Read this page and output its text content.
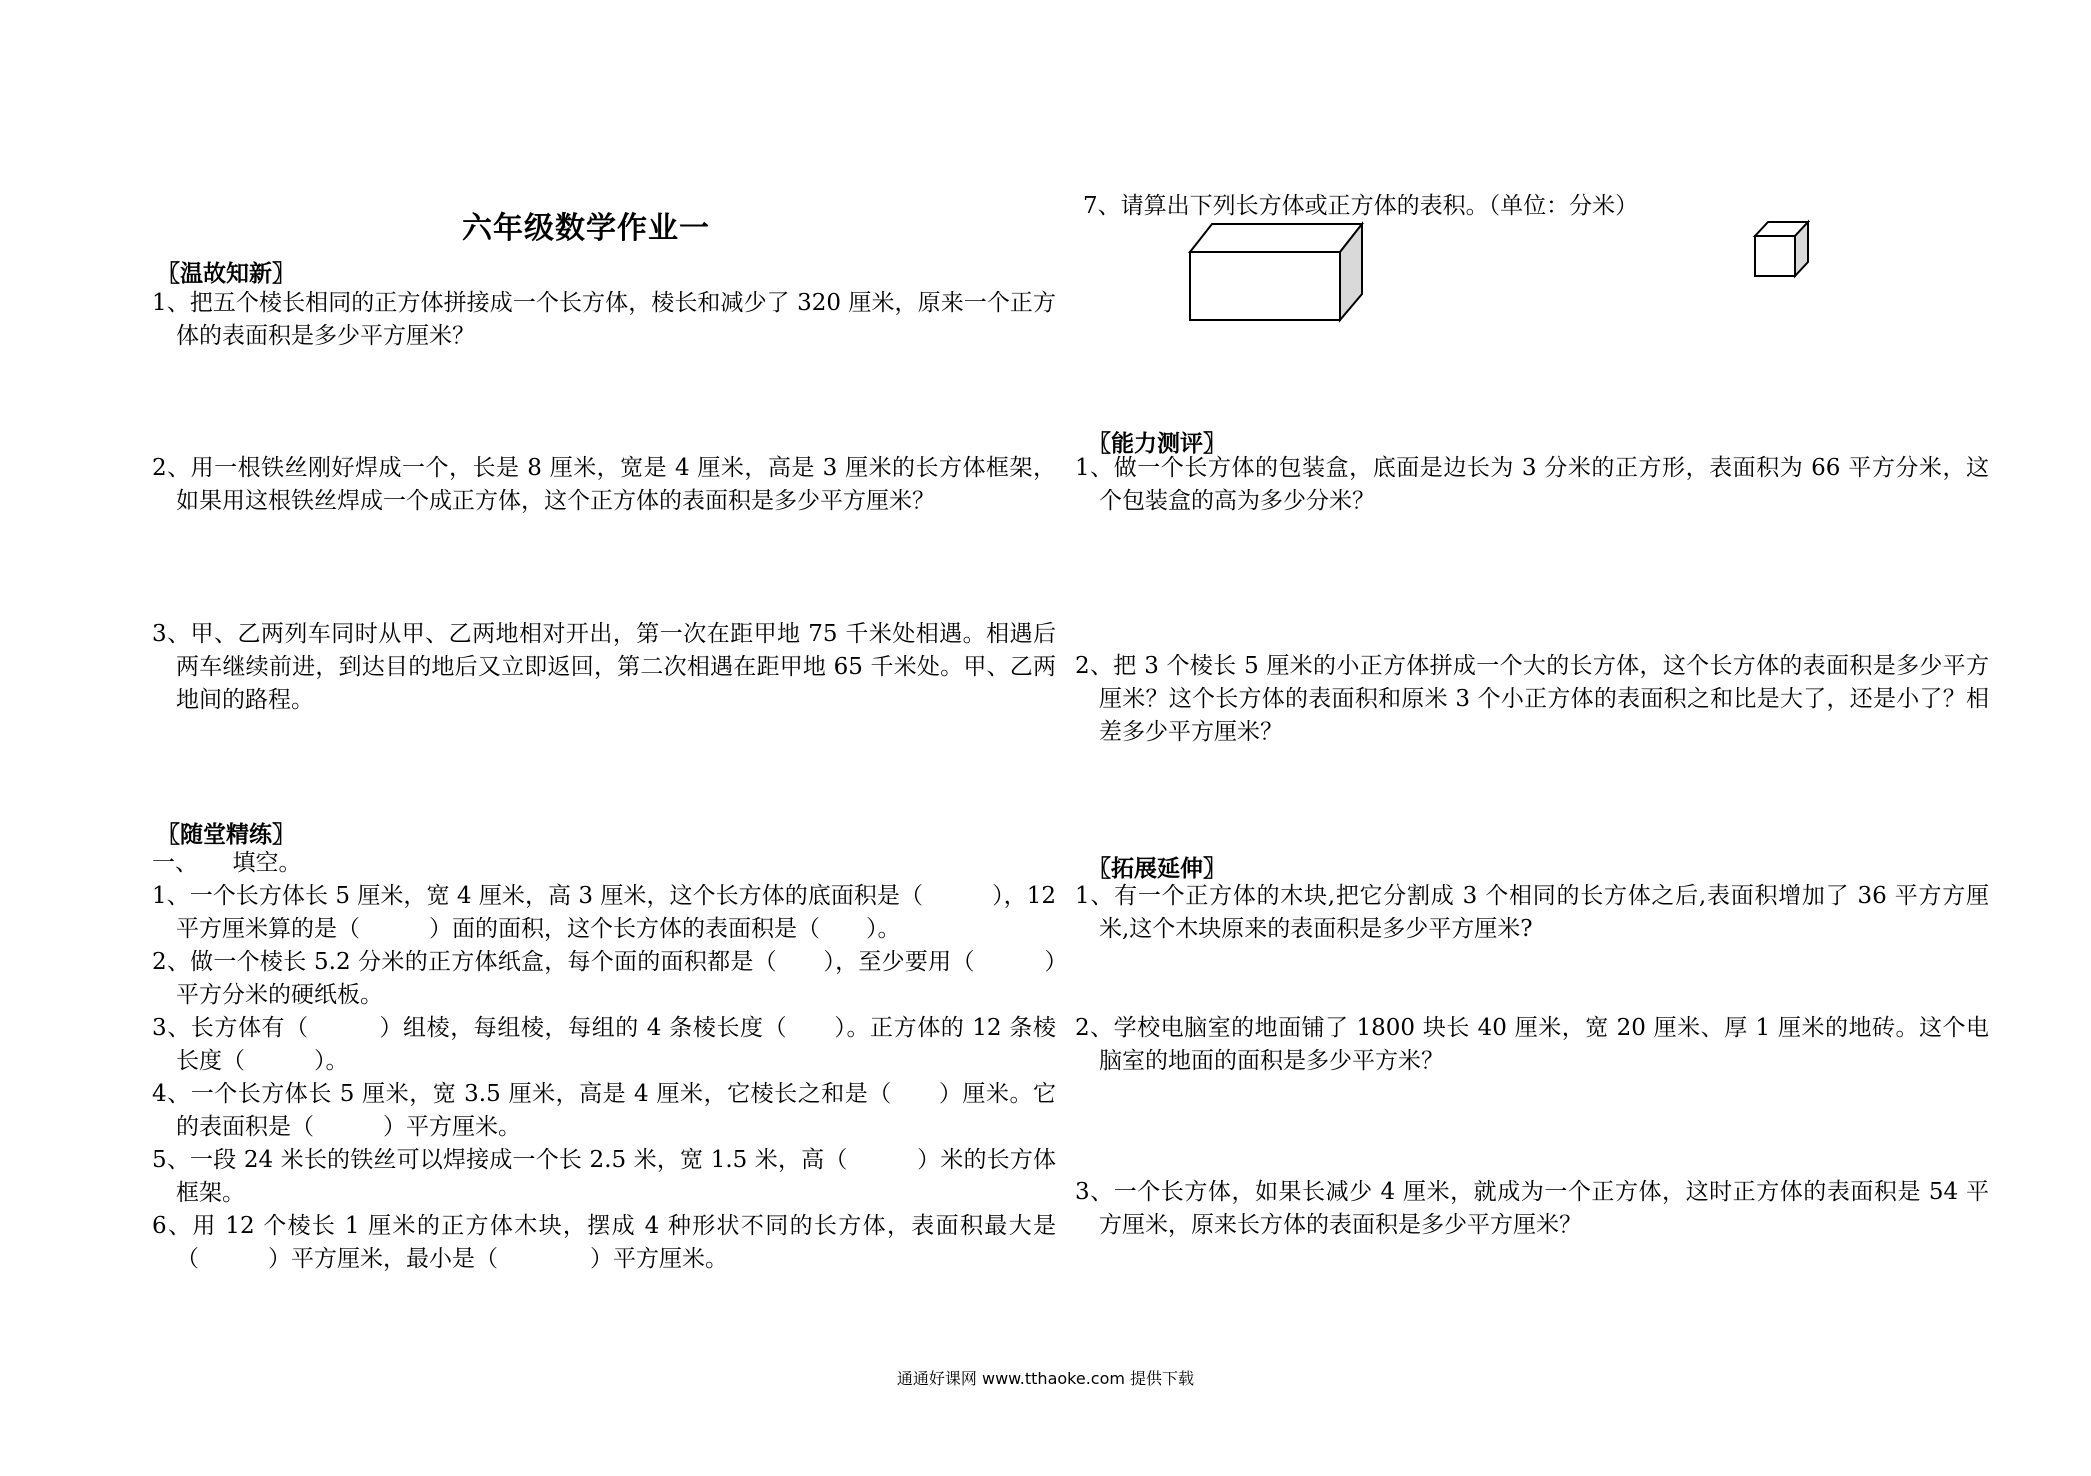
六年级数学作业一
〖温故知新〗
1、把五个棱长相同的正方体拼接成一个长方体，棱长和减少了 320 厘米，原来一个正方体的表面积是多少平方厘米？
2、用一根铁丝刚好焊成一个，长是 8 厘米，宽是 4 厘米，高是 3 厘米的长方体框架，如果用这根铁丝焊成一个成正方体，这个正方体的表面积是多少平方厘米？
3、甲、乙两列车同时从甲、乙两地相对开出，第一次在距甲地 75 千米处相遇。相遇后两车继续前进，到达目的地后又立即返回，第二次相遇在距甲地 65 千米处。甲、乙两地间的路程。
〖随堂精练〗
一、　　填空。
1、一个长方体长 5 厘米，宽 4 厘米，高 3 厘米，这个长方体的底面积是（　　　），12 平方厘米算的是（　　　）面的面积，这个长方体的表面积是（　　）。
2、做一个棱长 5.2 分米的正方体纸盒，每个面的面积都是（　　），至少要用（　　　）平方分米的硬纸板。
3、长方体有（　　　）组棱，每组棱，每组的 4 条棱长度（　　）。正方体的 12 条棱长度（　　　）。
4、一个长方体长 5 厘米，宽 3.5 厘米，高是 4 厘米，它棱长之和是（　　）厘米。它的表面积是（　　　）平方厘米。
5、一段 24 米长的铁丝可以焊接成一个长 2.5 米，宽 1.5 米，高（　　　）米的长方体框架。
6、用 12 个棱长 1 厘米的正方体木块，摆成 4 种形状不同的长方体，表面积最大是（　　　）平方厘米，最小是（　　　　）平方厘米。
7、请算出下列长方体或正方体的表积。（单位：分米）
〖能力测评〗
1、做一个长方体的包装盒，底面是边长为 3 分米的正方形，表面积为 66 平方分米，这个包装盒的高为多少分米？
2、把 3 个棱长 5 厘米的小正方体拼成一个大的长方体，这个长方体的表面积是多少平方厘米？这个长方体的表面积和原米 3 个小正方体的表面积之和比是大了，还是小了？相差多少平方厘米？
〖拓展延伸〗
1、有一个正方体的木块,把它分割成 3 个相同的长方体之后,表面积增加了 36 平方方厘米,这个木块原来的表面积是多少平方厘米?
2、学校电脑室的地面铺了 1800 块长 40 厘米，宽 20 厘米、厚 1 厘米的地砖。这个电脑室的地面的面积是多少平方米？
3、一个长方体，如果长减少 4 厘米，就成为一个正方体，这时正方体的表面积是 54 平方厘米，原来长方体的表面积是多少平方厘米？
通通好课网 www.tthaoke.com 提供下载
